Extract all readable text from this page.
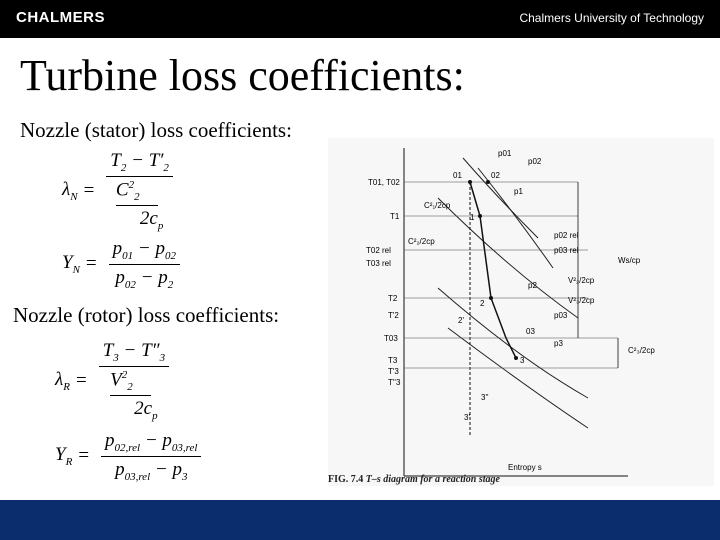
CHALMERS	Chalmers University of Technology
Turbine loss coefficients:
Nozzle (stator) loss coefficients:
$\lambda_N = \frac{T_2 - T'_2}{\frac{C^2_2}{2c_p}}$
$Y_N = \frac{p_{01} - p_{02}}{p_{02} - p_2}$
Nozzle (rotor) loss coefficients:
$\lambda_R = \frac{T_3 - T''_3}{\frac{V^2_2}{2c_p}}$
$Y_R = \frac{p_{02,rel} - p_{03,rel}}{p_{03,rel} - p_3}$	Entropy s
T01, T02
T1
T02 rel
T03 rel
T2
T'2
T03
T3
T'3
T''3
p01
p02
p1
p02 rel
p03 rel
p03
p3
p2
01	02
1
2
2'
3
3'
3''
03
C²₁/2cp
C²₂/2cp
Ws/cp
V²₂/2cp
V²₃/2cp
C²₃/2cp
FIG. 7.4 T–s diagram for a reaction stage
